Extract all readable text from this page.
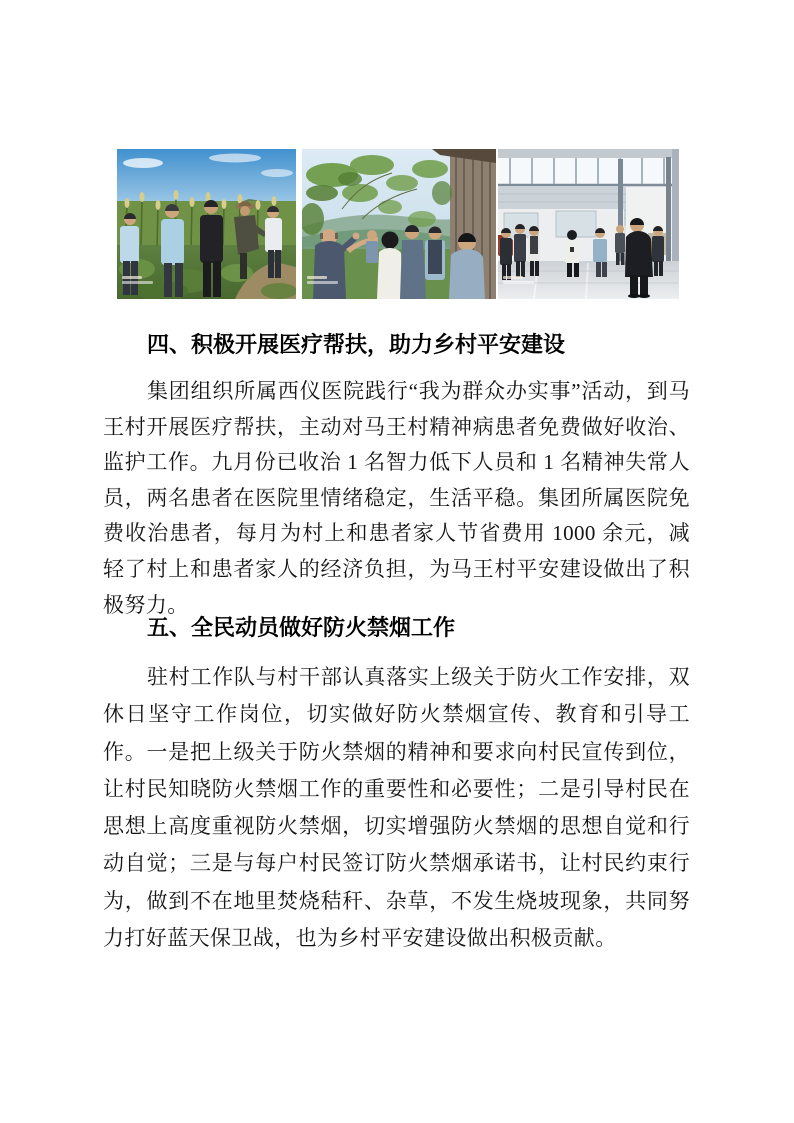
四、积极开展医疗帮扶，助力乡村平安建设

集团组织所属西仪医院践行“我为群众办实事”活动，到马王村开展医疗帮扶，主动对马王村精神病患者免费做好收治、监护工作。九月份已收治 1 名智力低下人员和 1 名精神失常人员，两名患者在医院里情绪稳定，生活平稳。集团所属医院免费收治患者，每月为村上和患者家人节省费用 1000 余元，减轻了村上和患者家人的经济负担，为马王村平安建设做出了积极努力。

五、全民动员做好防火禁烟工作

驻村工作队与村干部认真落实上级关于防火工作安排，双休日坚守工作岗位，切实做好防火禁烟宣传、教育和引导工作。一是把上级关于防火禁烟的精神和要求向村民宣传到位，让村民知晓防火禁烟工作的重要性和必要性；二是引导村民在思想上高度重视防火禁烟，切实增强防火禁烟的思想自觉和行动自觉；三是与每户村民签订防火禁烟承诺书，让村民约束行为，做到不在地里焚烧秸秆、杂草，不发生烧坡现象，共同努力打好蓝天保卫战，也为乡村平安建设做出积极贡献。
